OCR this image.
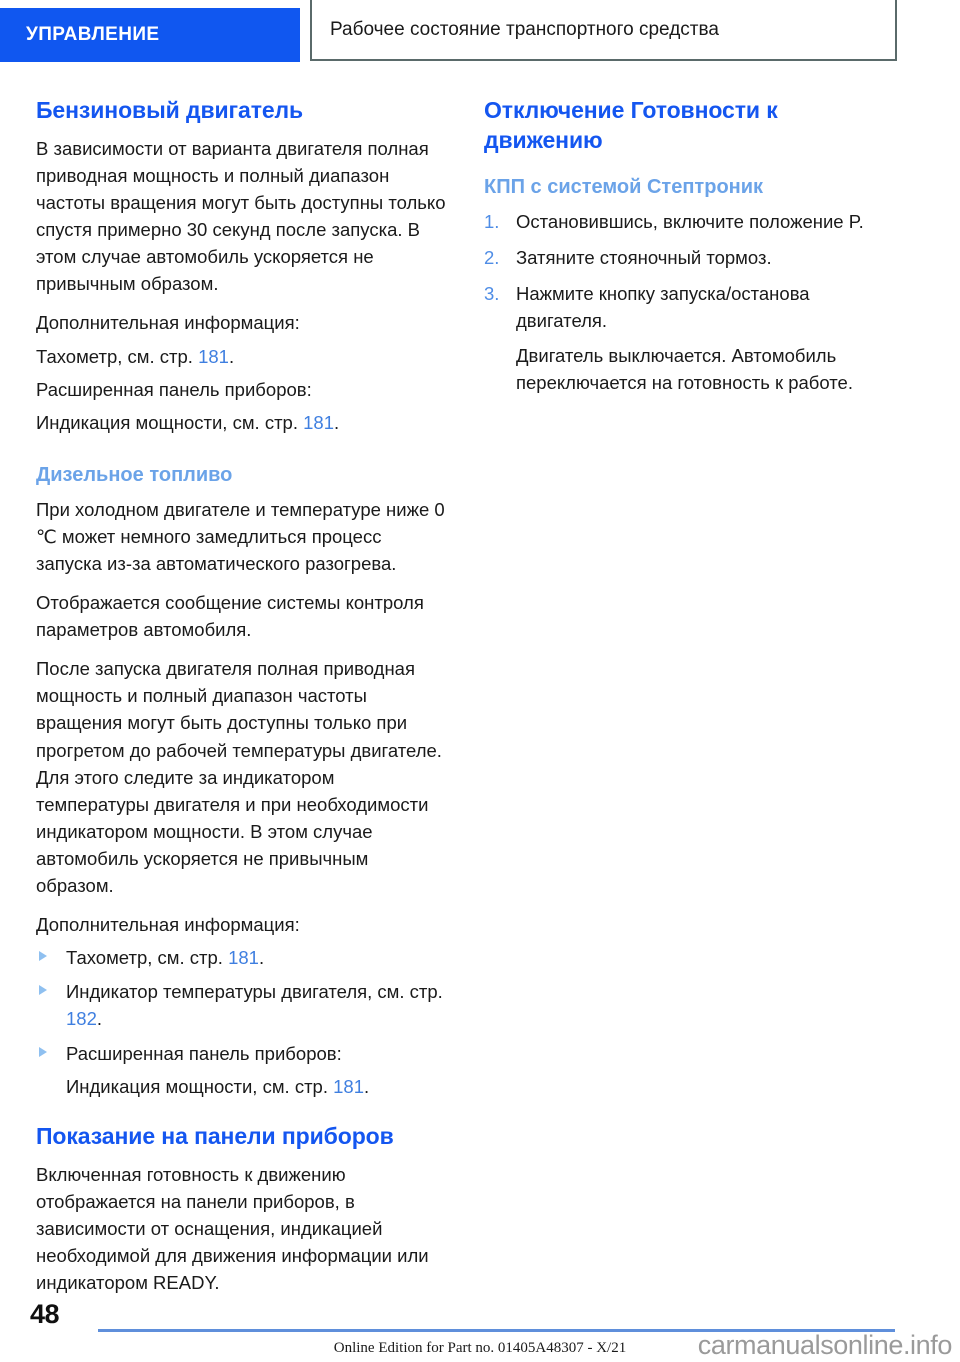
УПРАВЛЕНИЕ	Рабочее состояние транспортного средства
Бензиновый двигатель

В зависимости от варианта двигателя полная приводная мощность и полный диапазон частоты вращения могут быть доступны только спустя примерно 30 секунд после запуска. В этом случае автомобиль ускоряется не привычным образом.

Дополнительная информация:

Тахометр, см. стр. 181.

Расширенная панель приборов:

Индикация мощности, см. стр. 181.

Дизельное топливо

При холодном двигателе и температуре ниже 0 ℃ может немного замедлиться процесс запуска из-за автоматического разогрева.

Отображается сообщение системы контроля параметров автомобиля.

После запуска двигателя полная приводная мощность и полный диапазон частоты вращения могут быть доступны только при прогретом до рабочей температуры двигателе. Для этого следите за индикатором температуры двигателя и при необходимости индикатором мощности. В этом случае автомобиль ускоряется не привычным образом.

Дополнительная информация:

Тахометр, см. стр. 181.
Индикатор температуры двигателя, см. стр. 182.
Расширенная панель приборов:
Индикация мощности, см. стр. 181.
Показание на панели приборов

Включенная готовность к движению отображается на панели приборов, в зависимости от оснащения, индикацией необходимой для движения информации или индикатором READY.

Отключение Готовности к движению
КПП с системой Стептроник
1. Остановившись, включите положение P.
2. Затяните стояночный тормоз.
3. Нажмите кнопку запуска/останова двигателя.
Двигатель выключается. Автомобиль переключается на готовность к работе.
48
Online Edition for Part no. 01405A48307 - X/21	carmanualsonline.info
